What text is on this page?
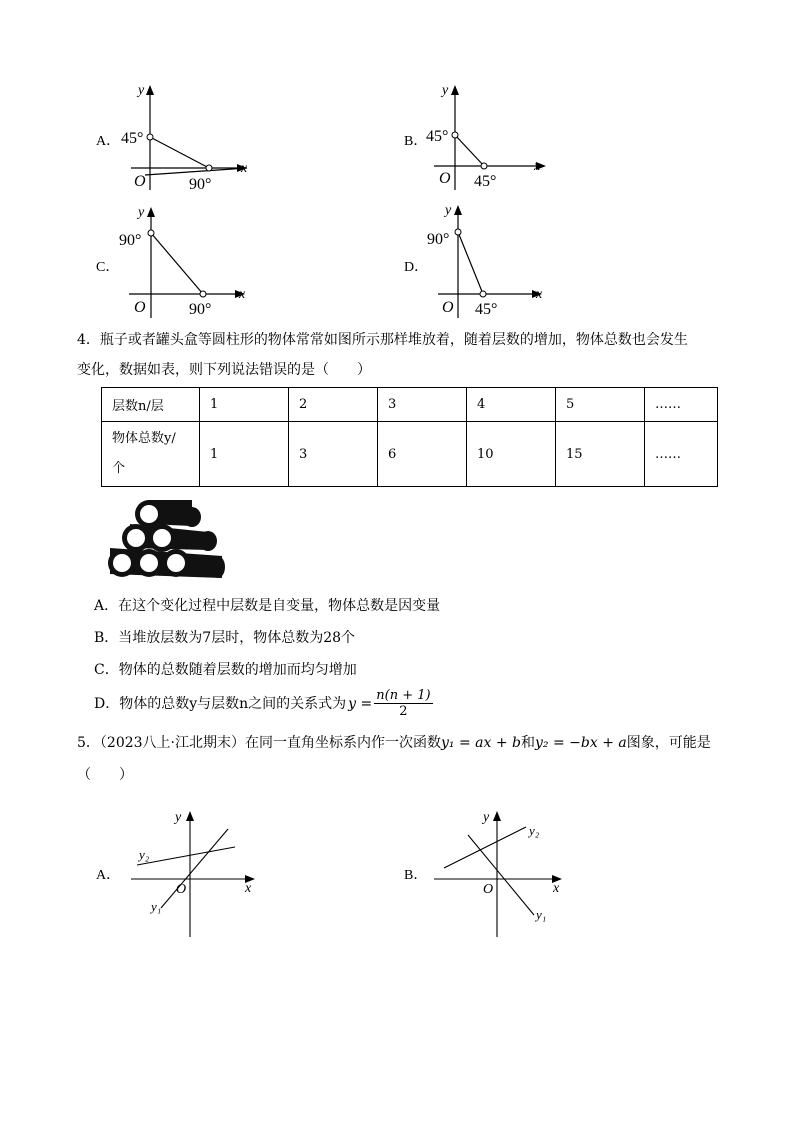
A．
y
x
O
45°
90°
B．
y
x
O
45°
45°
C．
y
x
O
90°
90°
D．
y
x
O
90°
45°
4．瓶子或者罐头盒等圆柱形的物体常常如图所示那样堆放着，随着层数的增加，物体总数也会发生
变化，数据如表，则下列说法错误的是（　　）
层数n/层	1	2	3	4	5	……
物体总数y/
个	1	3	6	10	15	……
A．在这个变化过程中层数是自变量，物体总数是因变量
B．当堆放层数为7层时，物体总数为28个
C．物体的总数随着层数的增加而均匀增加
D．物体的总数y与层数n之间的关系式为 $y = \frac{n(n + 1)}{2}$
5．（2023八上·江北期末）在同一直角坐标系内作一次函数y₁ = ax + b和y₂ = −bx + a图象，可能是
（　　）
A．
y₂
y₁
y
x
O
B．
y₂
y₁
y
x
O
